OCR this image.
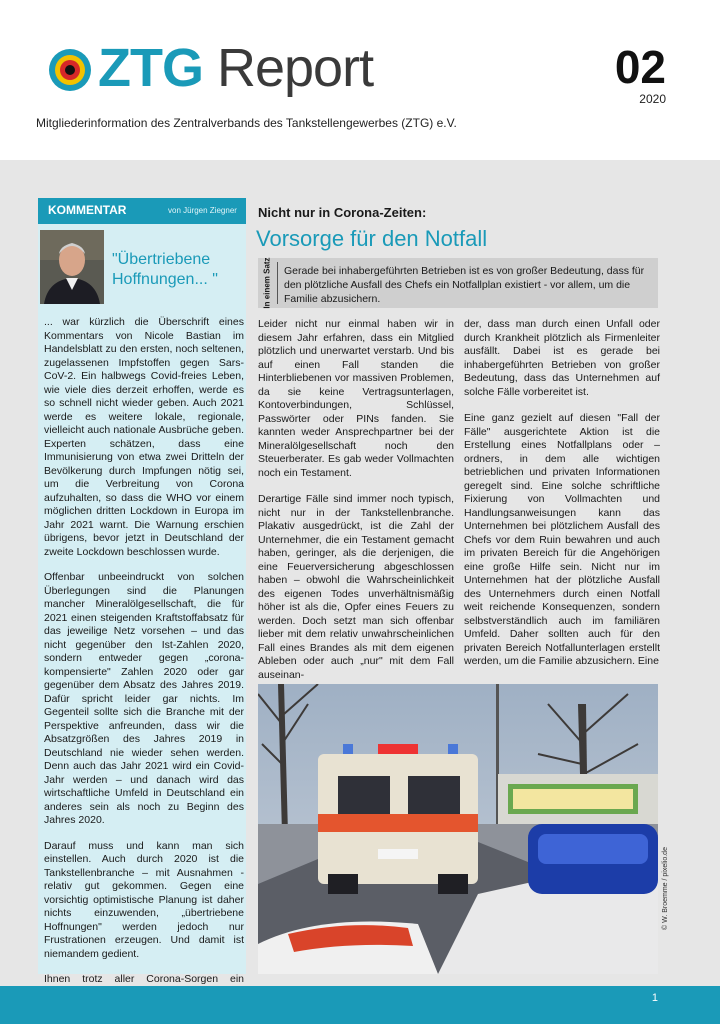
ZTG Report	02
2020
Mitgliederinformation des Zentralverbands des Tankstellengewerbes (ZTG) e.V.
KOMMENTAR	von Jürgen Ziegner
"Übertriebene Hoffnungen... "

... war kürzlich die Überschrift eines Kommentars von Nicole Bastian im Handelsblatt zu den ersten, noch seltenen, zugelassenen Impfstoffen gegen Sars-CoV-2. Ein halbwegs Covid-freies Leben, wie viele dies derzeit erhoffen, werde es so schnell nicht wieder geben. Auch 2021 werde es weitere lokale, regionale, vielleicht auch nationale Ausbrüche geben. Experten schätzen, dass eine Immunisierung von etwa zwei Dritteln der Bevölkerung durch Impfungen nötig sei, um die Verbreitung von Corona aufzuhalten, so dass die WHO vor einem möglichen dritten Lockdown in Europa im Jahr 2021 warnt. Die Warnung erschien übrigens, bevor jetzt in Deutschland der zweite Lockdown beschlossen wurde.

Offenbar unbeeindruckt von solchen Überlegungen sind die Planungen mancher Mineralölgesellschaft, die für 2021 einen steigenden Kraftstoffabsatz für das jeweilige Netz vorsehen – und das nicht gegenüber den Ist-Zahlen 2020, sondern entweder gegen „corona-kompensierte" Zahlen 2020 oder gar gegenüber dem Absatz des Jahres 2019. Dafür spricht leider gar nichts. Im Gegenteil sollte sich die Branche mit der Perspektive anfreunden, dass wir die Absatzgrößen des Jahres 2019 in Deutschland nie wieder sehen werden. Denn auch das Jahr 2021 wird ein Covid-Jahr werden – und danach wird das wirtschaftliche Umfeld in Deutschland ein anderes sein als noch zu Beginn des Jahres 2020.

Darauf muss und kann man sich einstellen. Auch durch 2020 ist die Tankstellenbranche – mit Ausnahmen - relativ gut gekommen. Gegen eine vorsichtig optimistische Planung ist daher nichts einzuwenden, „übertriebene Hoffnungen" werden jedoch nur Frustrationen erzeugen. Und damit ist niemandem gedient.

Ihnen trotz aller Corona-Sorgen ein

Nicht nur in Corona-Zeiten:
Vorsorge für den Notfall
In einem Satz Gerade bei inhabergeführten Betrieben ist es von großer Bedeutung, dass für den plötzliche Ausfall des Chefs ein Notfallplan existiert - vor allem, um die Familie abzusichern.

Leider nicht nur einmal haben wir in diesem Jahr erfahren, dass ein Mitglied plötzlich und unerwartet verstarb. Und bis auf einen Fall standen die Hinterbliebenen vor massiven Problemen, da sie keine Vertragsunterlagen, Kontoverbindungen, Schlüssel, Passwörter oder PINs fanden. Sie kannten weder Ansprechpartner bei der Mineralölgesellschaft noch den Steuerberater. Es gab weder Vollmachten noch ein Testament.

Derartige Fälle sind immer noch typisch, nicht nur in der Tankstellenbranche. Plakativ ausgedrückt, ist die Zahl der Unternehmer, die ein Testament gemacht haben, geringer, als die derjenigen, die eine Feuerversicherung abgeschlossen haben – obwohl die Wahrscheinlichkeit des eigenen Todes unverhältnismäßig höher ist als die, Opfer eines Feuers zu werden. Doch setzt man sich offenbar lieber mit dem relativ unwahrscheinlichen Fall eines Brandes als mit dem eigenen Ableben oder auch „nur" mit dem Fall auseinan-

der, dass man durch einen Unfall oder durch Krankheit plötzlich als Firmenleiter ausfällt. Dabei ist es gerade bei inhabergeführten Betrieben von großer Bedeutung, dass das Unternehmen auf solche Fälle vorbereitet ist.

Eine ganz gezielt auf diesen "Fall der Fälle" ausgerichtete Aktion ist die Erstellung eines Notfallplans oder –ordners, in dem alle wichtigen betrieblichen und privaten Informationen geregelt sind. Eine solche schriftliche Fixierung von Vollmachten und Handlungsanweisungen kann das Unternehmen bei plötzlichem Ausfall des Chefs vor dem Ruin bewahren und auch im privaten Bereich für die Angehörigen eine große Hilfe sein. Nicht nur im Unternehmen hat der plötzliche Ausfall des Unternehmers durch einen Notfall weit reichende Konsequenzen, sondern selbstverständlich auch im familiären Umfeld. Daher sollten auch für den privaten Bereich Notfallunterlagen erstellt werden, um die Familie abzusichern. Eine

© W. Broemme / pixelio.de
1
